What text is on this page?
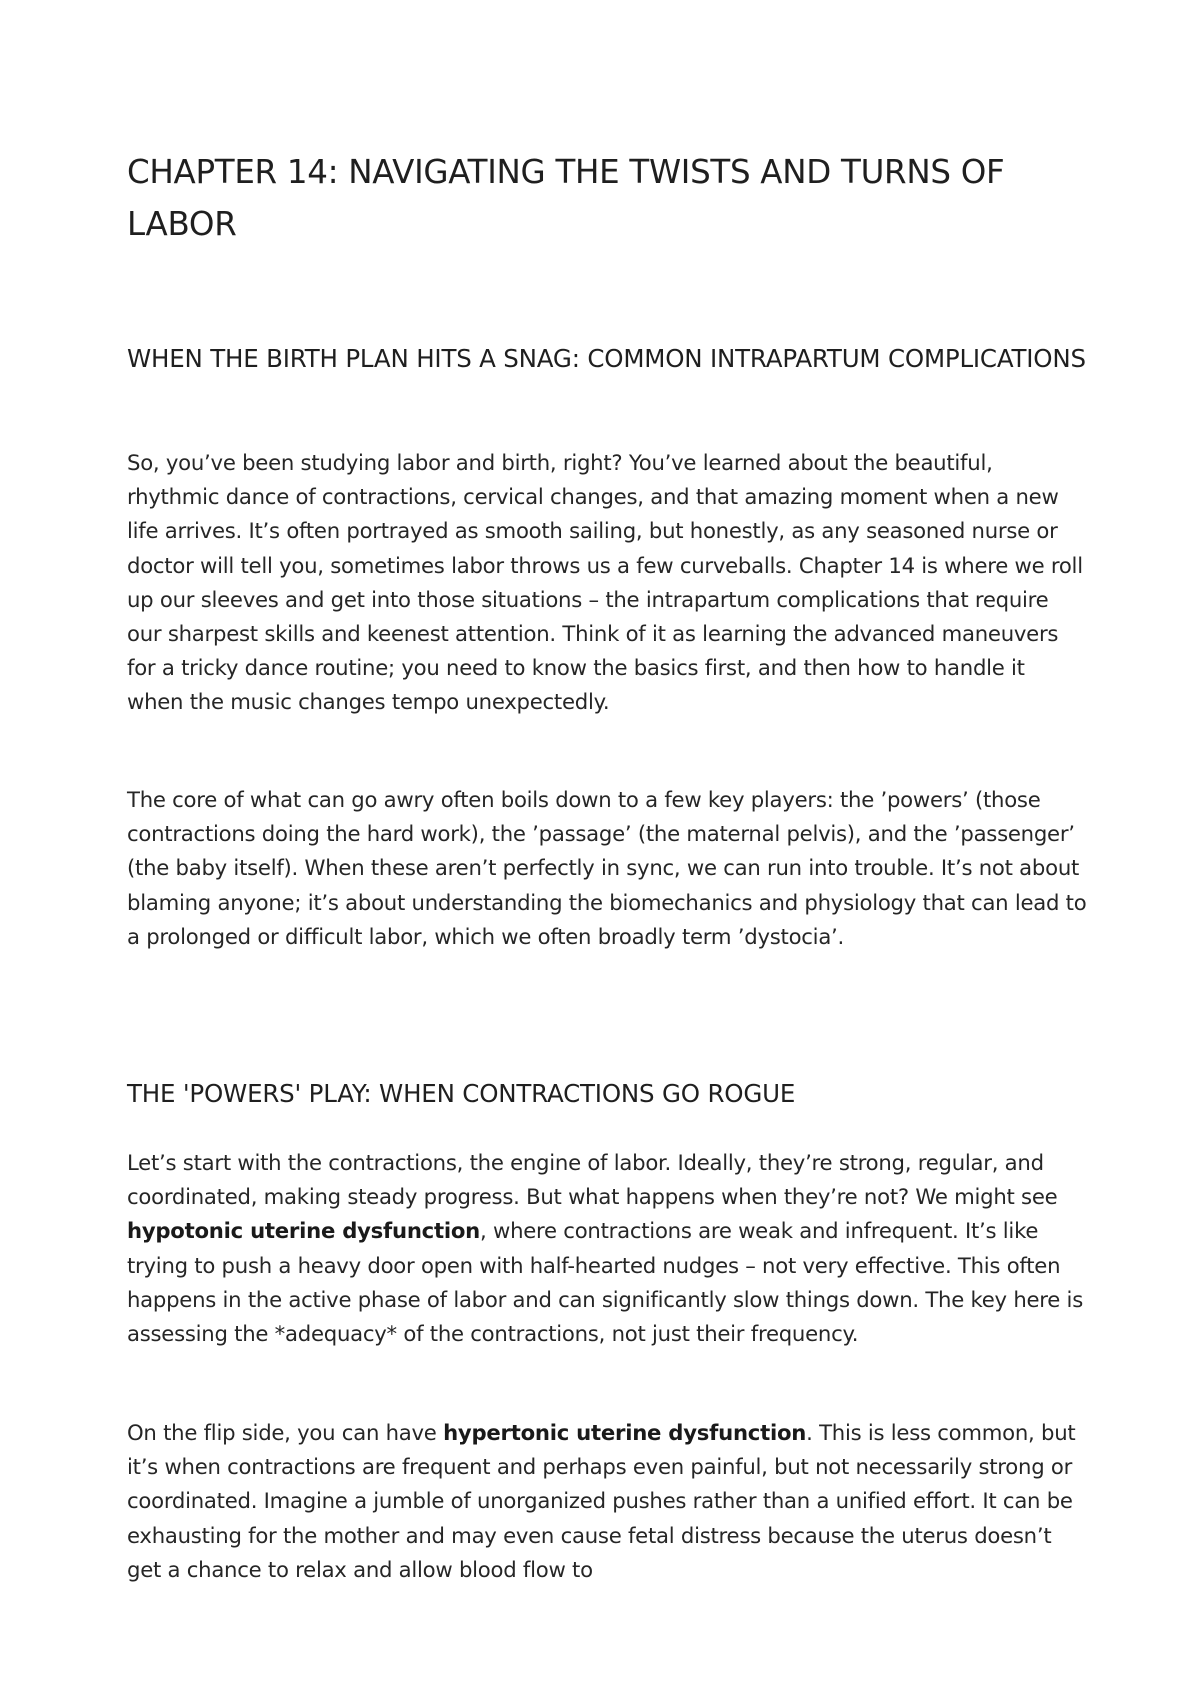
CHAPTER 14: NAVIGATING THE TWISTS AND TURNS OF LABOR
WHEN THE BIRTH PLAN HITS A SNAG: COMMON INTRAPARTUM COMPLICATIONS

So, you’ve been studying labor and birth, right? You’ve learned about the beautiful, rhythmic dance of contractions, cervical changes, and that amazing moment when a new life arrives. It’s often portrayed as smooth sailing, but honestly, as any seasoned nurse or doctor will tell you, sometimes labor throws us a few curveballs. Chapter 14 is where we roll up our sleeves and get into those situations – the intrapartum complications that require our sharpest skills and keenest attention. Think of it as learning the advanced maneuvers for a tricky dance routine; you need to know the basics first, and then how to handle it when the music changes tempo unexpectedly.

The core of what can go awry often boils down to a few key players: the ’powers’ (those contractions doing the hard work), the ’passage’ (the maternal pelvis), and the ’passenger’ (the baby itself). When these aren’t perfectly in sync, we can run into trouble. It’s not about blaming anyone; it’s about understanding the biomechanics and physiology that can lead to a prolonged or difficult labor, which we often broadly term ’dystocia’.

THE 'POWERS' PLAY: WHEN CONTRACTIONS GO ROGUE

Let’s start with the contractions, the engine of labor. Ideally, they’re strong, regular, and coordinated, making steady progress. But what happens when they’re not? We might see hypotonic uterine dysfunction, where contractions are weak and infrequent. It’s like trying to push a heavy door open with half-hearted nudges – not very effective. This often happens in the active phase of labor and can significantly slow things down. The key here is assessing the *adequacy* of the contractions, not just their frequency.

On the flip side, you can have hypertonic uterine dysfunction. This is less common, but it’s when contractions are frequent and perhaps even painful, but not necessarily strong or coordinated. Imagine a jumble of unorganized pushes rather than a unified effort. It can be exhausting for the mother and may even cause fetal distress because the uterus doesn’t get a chance to relax and allow blood flow to
